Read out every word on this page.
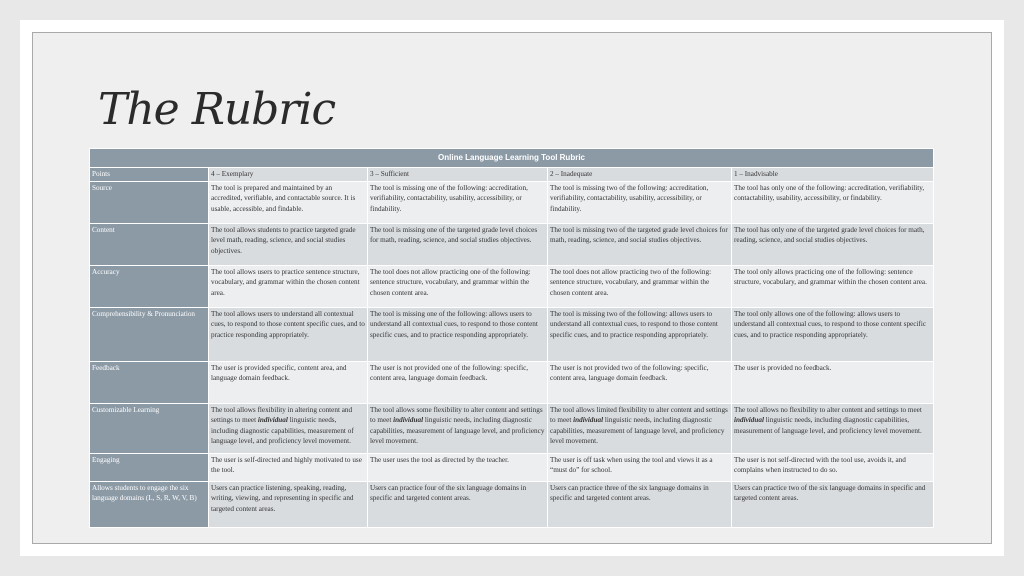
The Rubric
Online Language Learning Tool Rubric				
Points	4 – Exemplary	3 – Sufficient	2 – Inadequate	1 – Inadvisable
Source	The tool is prepared and maintained by an accredited, verifiable, and contactable source. It is usable, accessible, and findable.	The tool is missing one of the following: accreditation, verifiability, contactability, usability, accessibility, or findability.	The tool is missing two of the following: accreditation, verifiability, contactability, usability, accessibility, or findability.	The tool has only one of the following: accreditation, verifiability, contactability, usability, accessibility, or findability.
Content	The tool allows students to practice targeted grade level math, reading, science, and social studies objectives.	The tool is missing one of the targeted grade level choices for math, reading, science, and social studies objectives.	The tool is missing two of the targeted grade level choices for math, reading, science, and social studies objectives.	The tool has only one of the targeted grade level choices for math, reading, science, and social studies objectives.
Accuracy	The tool allows users to practice sentence structure, vocabulary, and grammar within the chosen content area.	The tool does not allow practicing one of the following: sentence structure, vocabulary, and grammar within the chosen content area.	The tool does not allow practicing two of the following: sentence structure, vocabulary, and grammar within the chosen content area.	The tool only allows practicing one of the following: sentence structure, vocabulary, and grammar within the chosen content area.
Comprehensibility & Pronunciation	The tool allows users to understand all contextual cues, to respond to those content specific cues, and to practice responding appropriately.	The tool is missing one of the following: allows users to understand all contextual cues, to respond to those content specific cues, and to practice responding appropriately.	The tool is missing two of the following: allows users to understand all contextual cues, to respond to those content specific cues, and to practice responding appropriately.	The tool only allows one of the following: allows users to understand all contextual cues, to respond to those content specific cues, and to practice responding appropriately.
Feedback	The user is provided specific, content area, and language domain feedback.	The user is not provided one of the following: specific, content area, language domain feedback.	The user is not provided two of the following: specific, content area, language domain feedback.	The user is provided no feedback.
Customizable Learning	The tool allows flexibility in altering content and settings to meet individual linguistic needs, including diagnostic capabilities, measurement of language level, and proficiency level movement.	The tool allows some flexibility to alter content and settings to meet individual linguistic needs, including diagnostic capabilities, measurement of language level, and proficiency level movement.	The tool allows limited flexibility to alter content and settings to meet individual linguistic needs, including diagnostic capabilities, measurement of language level, and proficiency level movement.	The tool allows no flexibility to alter content and settings to meet individual linguistic needs, including diagnostic capabilities, measurement of language level, and proficiency level movement.
Engaging	The user is self-directed and highly motivated to use the tool.	The user uses the tool as directed by the teacher.	The user is off task when using the tool and views it as a “must do” for school.	The user is not self-directed with the tool use, avoids it, and complains when instructed to do so.
Allows students to engage the six language domains (L, S, R, W, V, B)	Users can practice listening, speaking, reading, writing, viewing, and representing in specific and targeted content areas.	Users can practice four of the six language domains in specific and targeted content areas.	Users can practice three of the six language domains in specific and targeted content areas.	Users can practice two of the six language domains in specific and targeted content areas.
